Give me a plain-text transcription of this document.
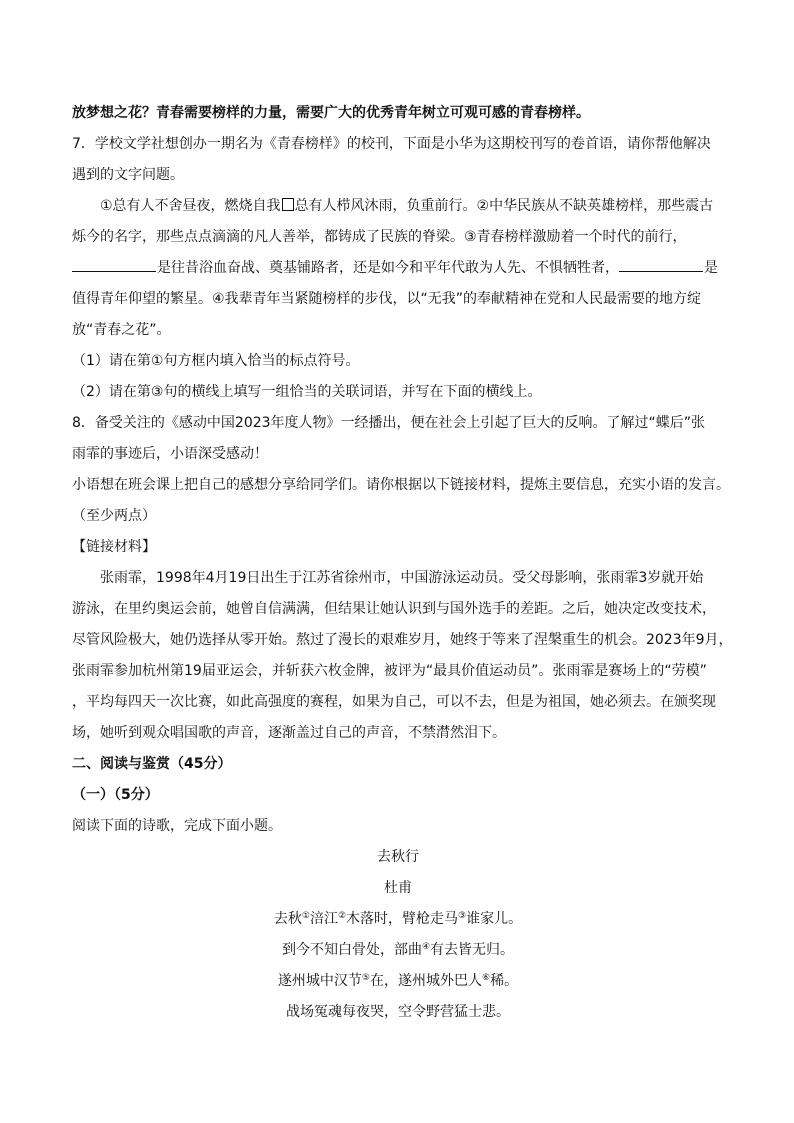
放梦想之花？青春需要榜样的力量，需要广大的优秀青年树立可观可感的青春榜样。
7．学校文学社想创办一期名为《青春榜样》的校刊，下面是小华为这期校刊写的卷首语，请你帮他解决
遇到的文字问题。
①总有人不舍昼夜，燃烧自我 总有人栉风沐雨，负重前行。②中华民族从不缺英雄榜样，那些震古
烁今的名字，那些点点滴滴的凡人善举，都铸成了民族的脊梁。③青春榜样激励着一个时代的前行，
是往昔浴血奋战、奠基铺路者，还是如今和平年代敢为人先、不惧牺牲者，	是
值得青年仰望的繁星。④我辈青年当紧随榜样的步伐，以“无我”的奉献精神在党和人民最需要的地方绽
放“青春之花”。
（1）请在第①句方框内填入恰当的标点符号。
（2）请在第③句的横线上填写一组恰当的关联词语，并写在下面的横线上。
8．备受关注的《感动中国2023年度人物》一经播出，便在社会上引起了巨大的反响。了解过“蝶后”张
雨霏的事迹后，小语深受感动！
小语想在班会课上把自己的感想分享给同学们。请你根据以下链接材料，提炼主要信息，充实小语的发言。
（至少两点）
【链接材料】
张雨霏，1998年4月19日出生于江苏省徐州市，中国游泳运动员。受父母影响，张雨霏3岁就开始
游泳，在里约奥运会前，她曾自信满满，但结果让她认识到与国外选手的差距。之后，她决定改变技术，
尽管风险极大，她仍选择从零开始。熬过了漫长的艰难岁月，她终于等来了涅槃重生的机会。2023年9月，
张雨霏参加杭州第19届亚运会，并斩获六枚金牌，被评为“最具价值运动员”。张雨霏是赛场上的“劳模”
，平均每四天一次比赛，如此高强度的赛程，如果为自己，可以不去，但是为祖国，她必须去。在颁奖现
场，她听到观众唱国歌的声音，逐渐盖过自己的声音，不禁潸然泪下。
二、阅读与鉴赏（45分）
（一）（5分）
阅读下面的诗歌，完成下面小题。
去秋行
杜甫
去秋①涪江②木落时，臂枪走马③谁家儿。
到今不知白骨处，部曲④有去皆无归。
遂州城中汉节⑤在，遂州城外巴人⑥稀。
战场冤魂每夜哭，空令野营猛士悲。
